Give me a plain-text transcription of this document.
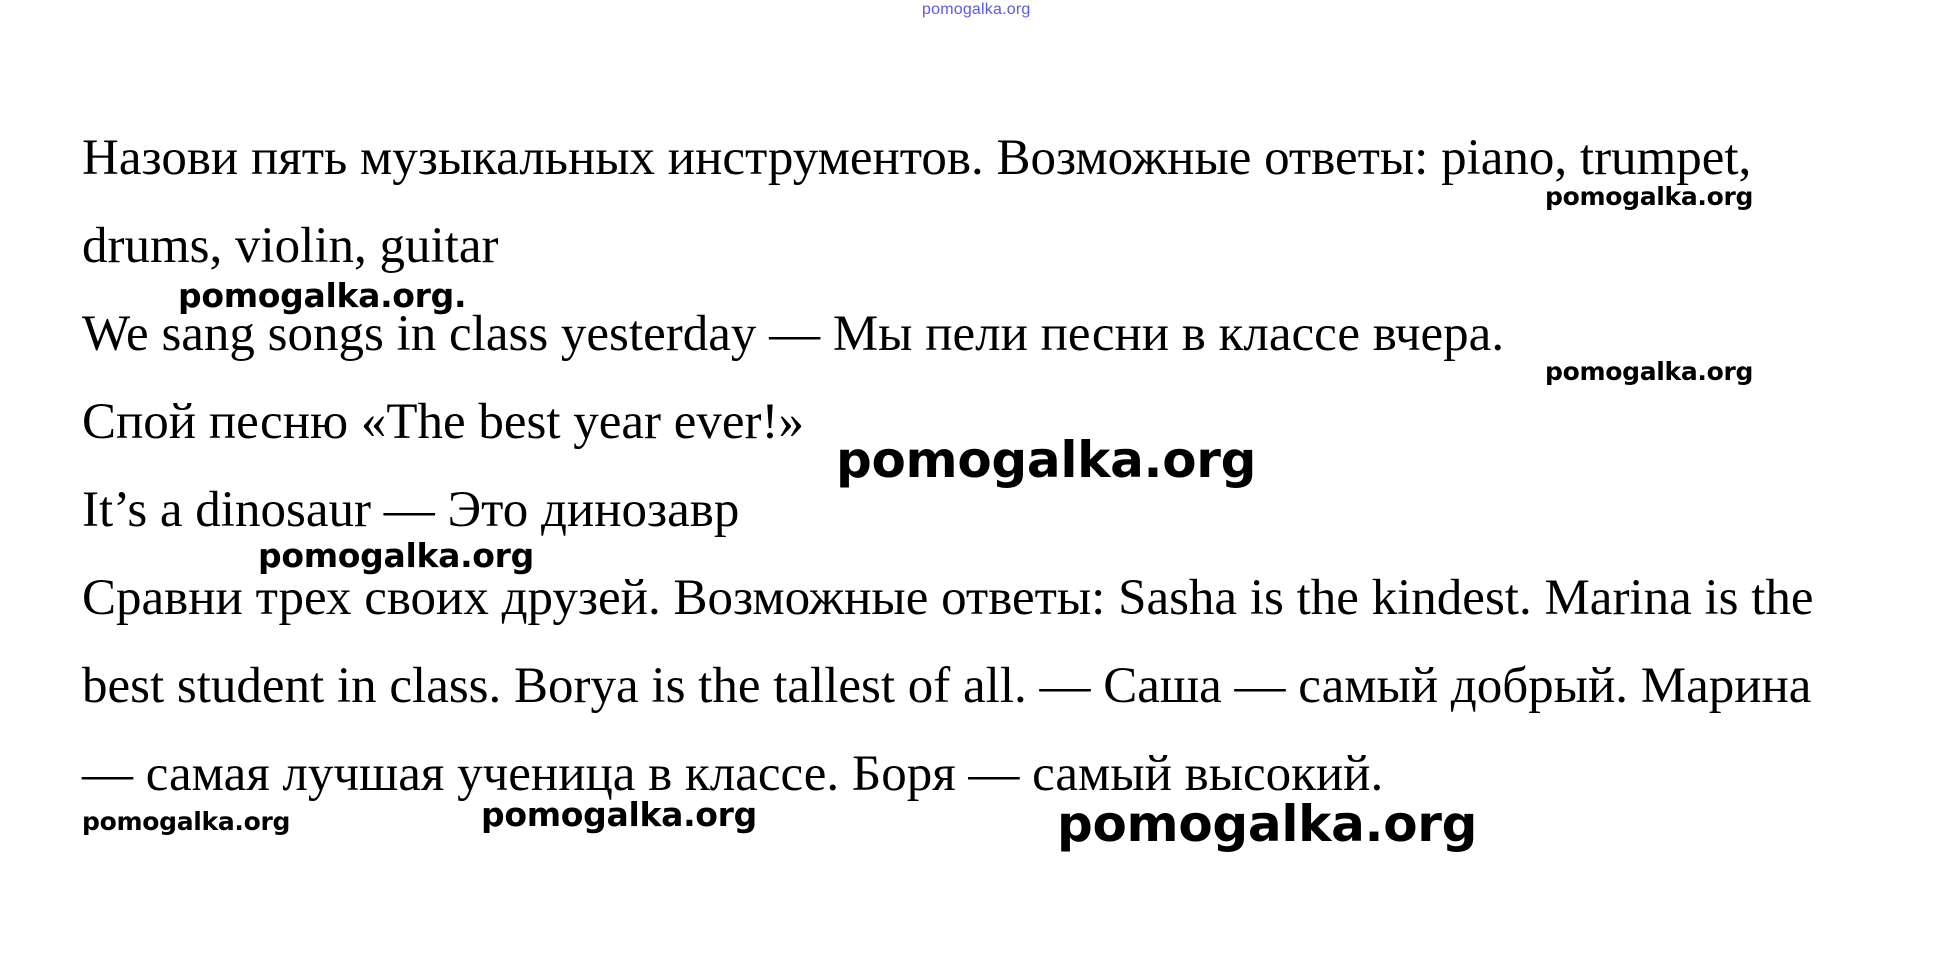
pomogalka.org

Назови пять музыкальных инструментов. Возможные ответы: piano, trumpet, drums, violin, guitar

We sang songs in class yesterday — Мы пели песни в классе вчера.

Спой песню «The best year ever!»

It’s a dinosaur — Это динозавр

Сравни трех своих друзей. Возможные ответы: Sasha is the kindest. Marina is the best student in class. Borya is the tallest of all. — Саша — самый добрый. Марина — самая лучшая ученица в классе. Боря — самый высокий.

pomogalka.org
pomogalka.org.
pomogalka.org
pomogalka.org
pomogalka.org
pomogalka.org	pomogalka.org	pomogalka.org
